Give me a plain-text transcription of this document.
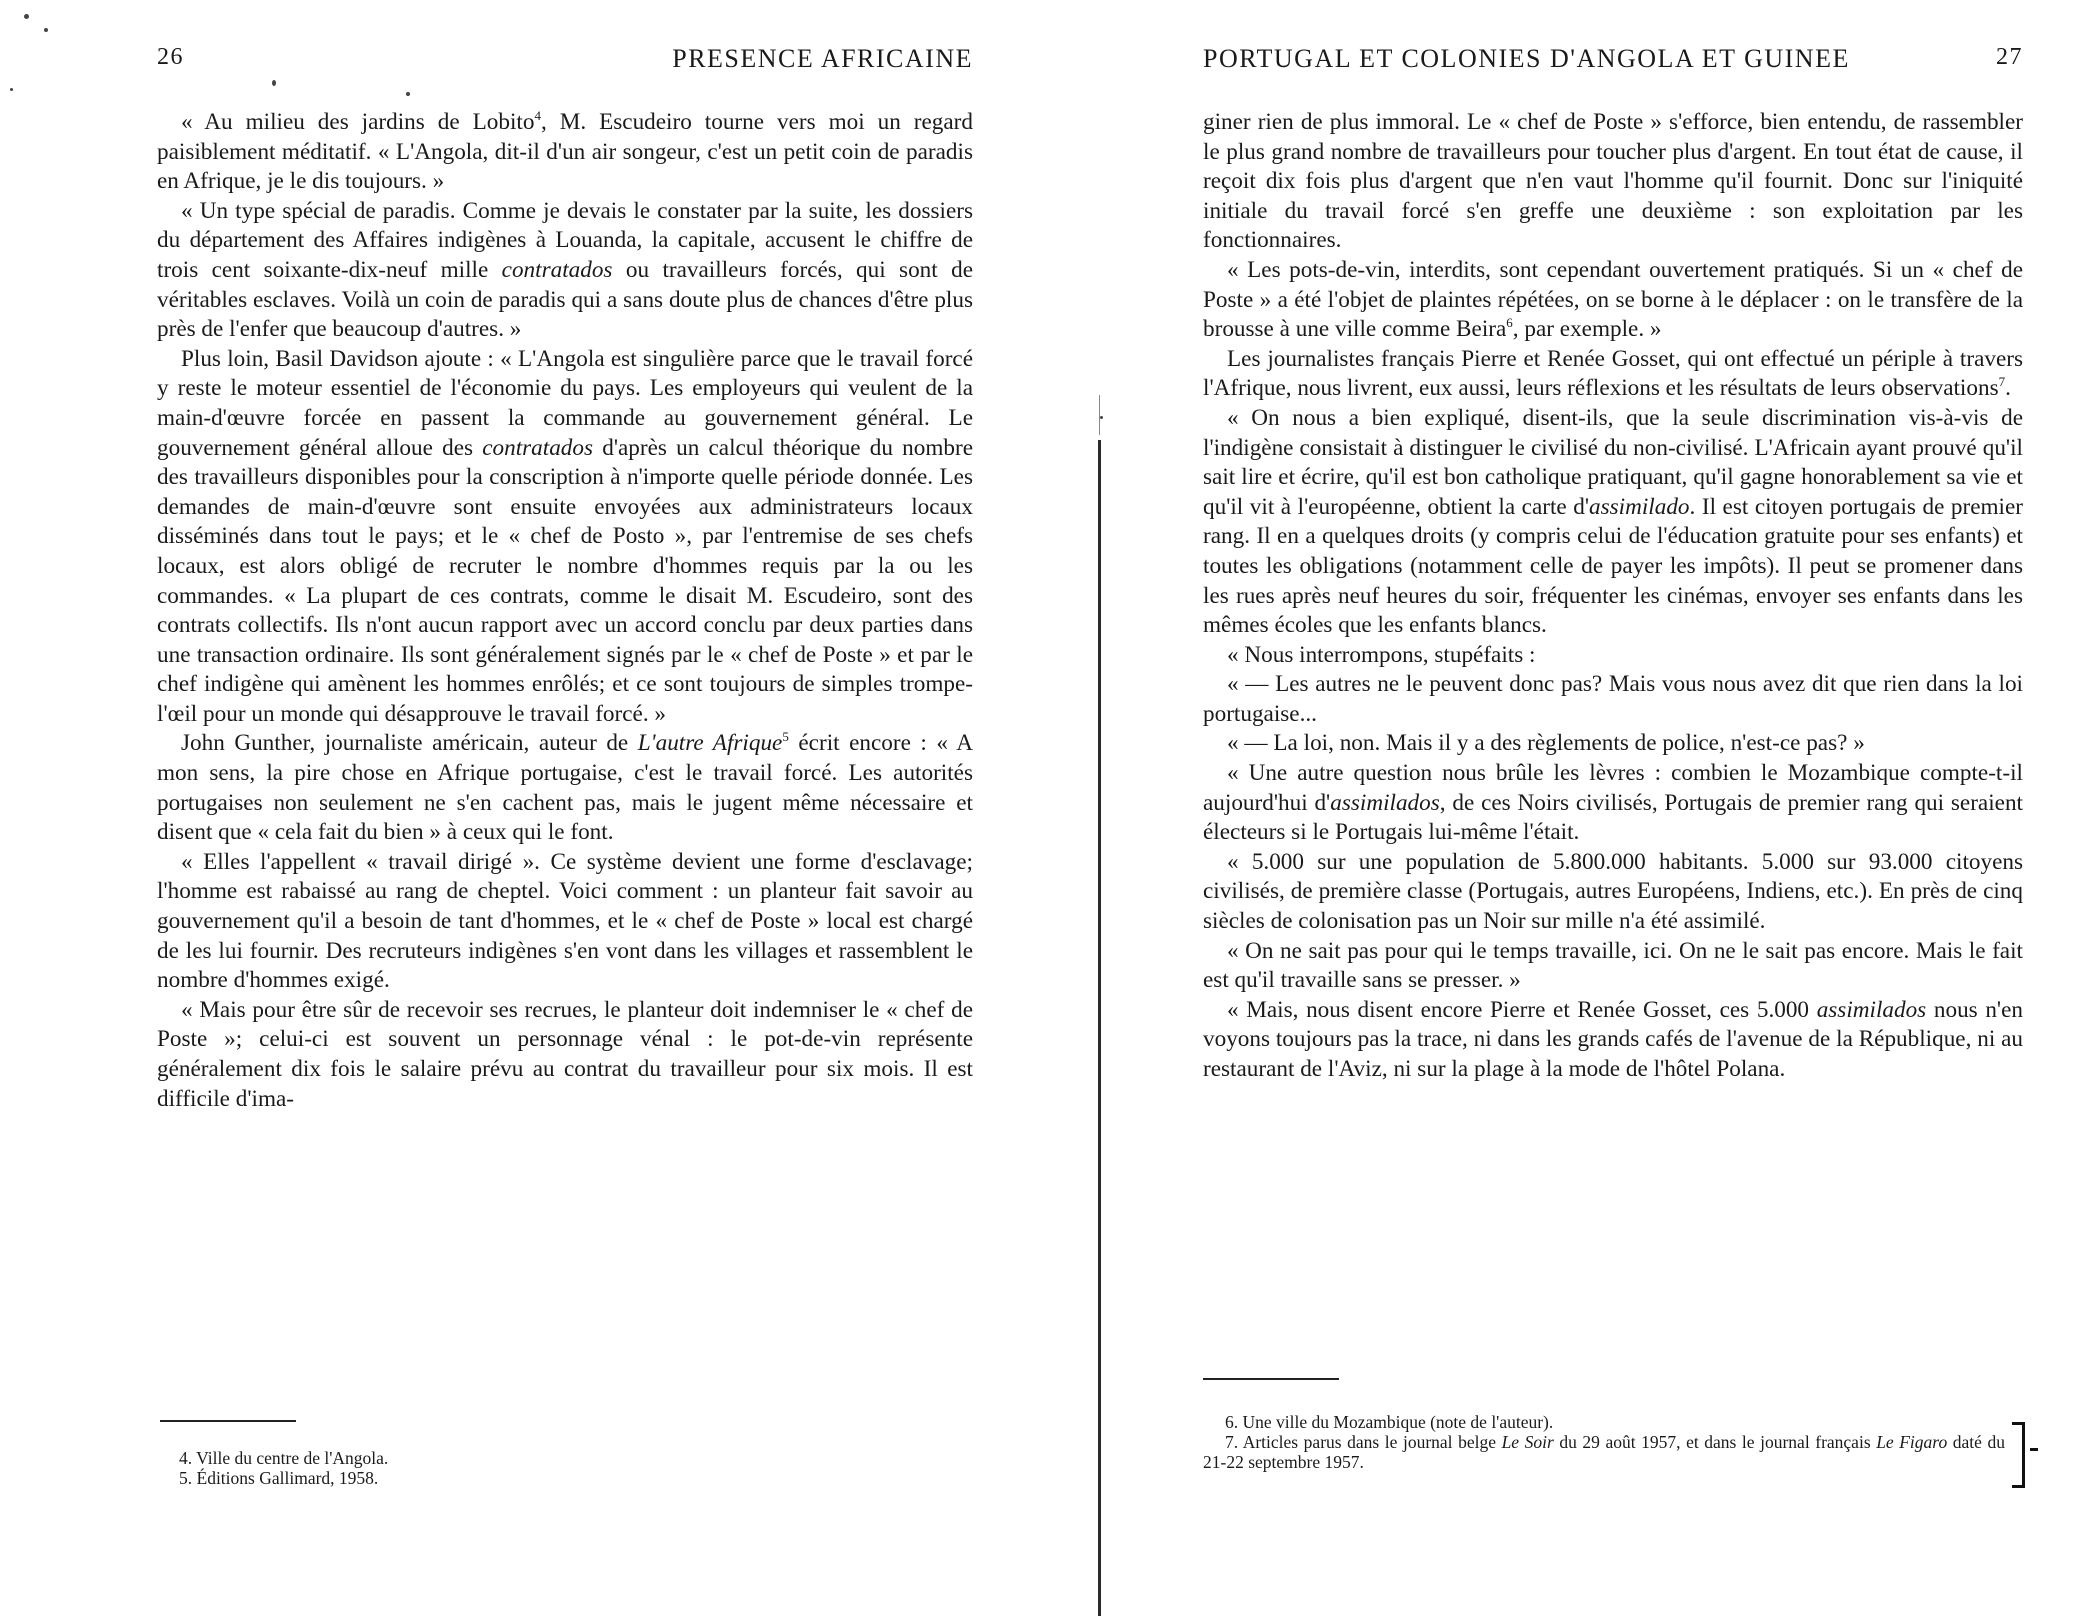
26	PRESENCE AFRICAINE

« Au milieu des jardins de Lobito$^4$, M. Escudeiro tourne vers moi un regard paisiblement méditatif. « L'Angola, dit-il d'un air songeur, c'est un petit coin de paradis en Afrique, je le dis toujours. »

« Un type spécial de paradis. Comme je devais le constater par la suite, les dossiers du département des Affaires indigènes à Louanda, la capitale, accusent le chiffre de trois cent soixante-dix-neuf mille contratados ou travailleurs forcés, qui sont de véritables esclaves. Voilà un coin de paradis qui a sans doute plus de chances d'être plus près de l'enfer que beaucoup d'autres. »

Plus loin, Basil Davidson ajoute : « L'Angola est singulière parce que le travail forcé y reste le moteur essentiel de l'économie du pays. Les employeurs qui veulent de la main-d'œuvre forcée en passent la commande au gouvernement général. Le gouvernement général alloue des contratados d'après un calcul théorique du nombre des travailleurs disponibles pour la conscription à n'importe quelle période donnée. Les demandes de main-d'œuvre sont ensuite envoyées aux administrateurs locaux disséminés dans tout le pays; et le « chef de Posto », par l'entremise de ses chefs locaux, est alors obligé de recruter le nombre d'hommes requis par la ou les commandes. « La plupart de ces contrats, comme le disait M. Escudeiro, sont des contrats collectifs. Ils n'ont aucun rapport avec un accord conclu par deux parties dans une transaction ordinaire. Ils sont généralement signés par le « chef de Poste » et par le chef indigène qui amènent les hommes enrôlés; et ce sont toujours de simples trompe-l'œil pour un monde qui désapprouve le travail forcé. »

John Gunther, journaliste américain, auteur de L'autre Afrique$^5$ écrit encore : « A mon sens, la pire chose en Afrique portugaise, c'est le travail forcé. Les autorités portugaises non seulement ne s'en cachent pas, mais le jugent même nécessaire et disent que « cela fait du bien » à ceux qui le font.

« Elles l'appellent « travail dirigé ». Ce système devient une forme d'esclavage; l'homme est rabaissé au rang de cheptel. Voici comment : un planteur fait savoir au gouvernement qu'il a besoin de tant d'hommes, et le « chef de Poste » local est chargé de les lui fournir. Des recruteurs indigènes s'en vont dans les villages et rassemblent le nombre d'hommes exigé.

« Mais pour être sûr de recevoir ses recrues, le planteur doit indemniser le « chef de Poste »; celui-ci est souvent un personnage vénal : le pot-de-vin représente généralement dix fois le salaire prévu au contrat du travailleur pour six mois. Il est difficile d'ima-

4. Ville du centre de l'Angola.

5. Éditions Gallimard, 1958.

PORTUGAL ET COLONIES D'ANGOLA ET GUINEE	27

giner rien de plus immoral. Le « chef de Poste » s'efforce, bien entendu, de rassembler le plus grand nombre de travailleurs pour toucher plus d'argent. En tout état de cause, il reçoit dix fois plus d'argent que n'en vaut l'homme qu'il fournit. Donc sur l'iniquité initiale du travail forcé s'en greffe une deuxième : son exploitation par les fonctionnaires.

« Les pots-de-vin, interdits, sont cependant ouvertement pratiqués. Si un « chef de Poste » a été l'objet de plaintes répétées, on se borne à le déplacer : on le transfère de la brousse à une ville comme Beira$^6$, par exemple. »

Les journalistes français Pierre et Renée Gosset, qui ont effectué un périple à travers l'Afrique, nous livrent, eux aussi, leurs réflexions et les résultats de leurs observations$^7$.

« On nous a bien expliqué, disent-ils, que la seule discrimination vis-à-vis de l'indigène consistait à distinguer le civilisé du non-civilisé. L'Africain ayant prouvé qu'il sait lire et écrire, qu'il est bon catholique pratiquant, qu'il gagne honorablement sa vie et qu'il vit à l'européenne, obtient la carte d'assimilado. Il est citoyen portugais de premier rang. Il en a quelques droits (y compris celui de l'éducation gratuite pour ses enfants) et toutes les obligations (notamment celle de payer les impôts). Il peut se promener dans les rues après neuf heures du soir, fréquenter les cinémas, envoyer ses enfants dans les mêmes écoles que les enfants blancs.

« Nous interrompons, stupéfaits :

« — Les autres ne le peuvent donc pas? Mais vous nous avez dit que rien dans la loi portugaise...

« — La loi, non. Mais il y a des règlements de police, n'est-ce pas? »

« Une autre question nous brûle les lèvres : combien le Mozambique compte-t-il aujourd'hui d'assimilados, de ces Noirs civilisés, Portugais de premier rang qui seraient électeurs si le Portugais lui-même l'était.

« 5.000 sur une population de 5.800.000 habitants. 5.000 sur 93.000 citoyens civilisés, de première classe (Portugais, autres Européens, Indiens, etc.). En près de cinq siècles de colonisation pas un Noir sur mille n'a été assimilé.

« On ne sait pas pour qui le temps travaille, ici. On ne le sait pas encore. Mais le fait est qu'il travaille sans se presser. »

« Mais, nous disent encore Pierre et Renée Gosset, ces 5.000 assimilados nous n'en voyons toujours pas la trace, ni dans les grands cafés de l'avenue de la République, ni au restaurant de l'Aviz, ni sur la plage à la mode de l'hôtel Polana.

6. Une ville du Mozambique (note de l'auteur).

7. Articles parus dans le journal belge Le Soir du 29 août 1957, et dans le journal français Le Figaro daté du 21-22 septembre 1957.
